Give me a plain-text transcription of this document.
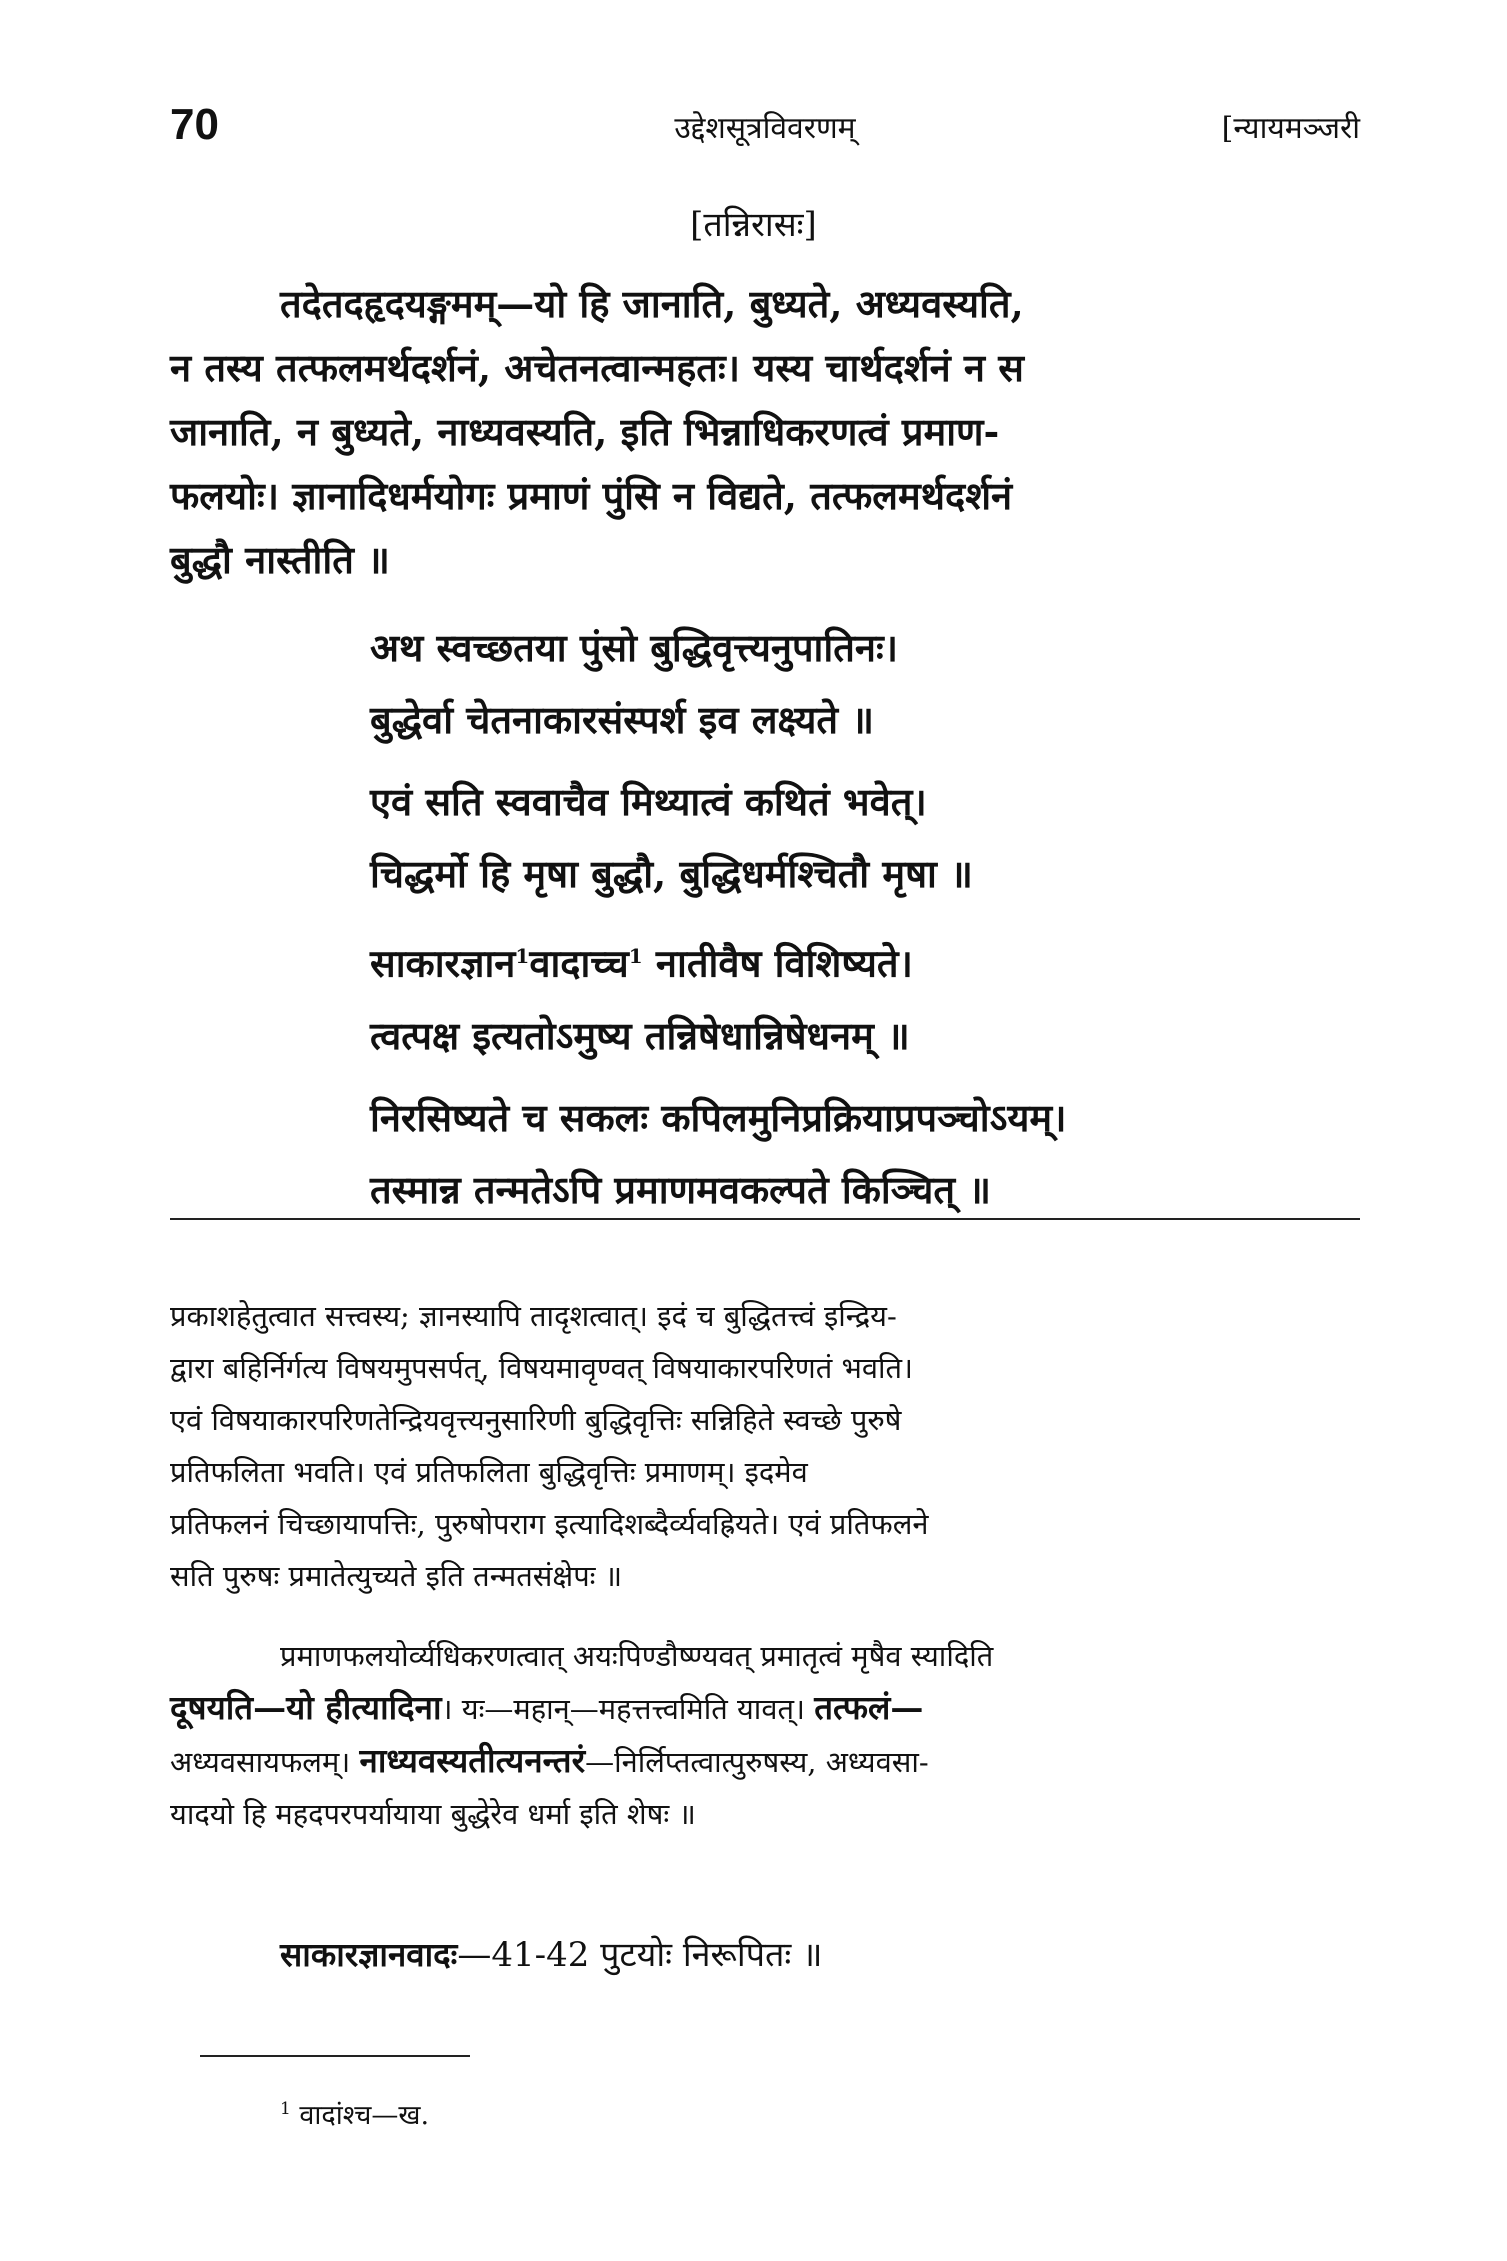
70	उद्देशसूत्रविवरणम्	[न्यायमञ्जरी
[तन्निरासः]
तदेतदहृदयङ्गमम्—यो हि जानाति, बुध्यते, अध्यवस्यति,
न तस्य तत्फलमर्थदर्शनं, अचेतनत्वान्महतः। यस्य चार्थदर्शनं न स
जानाति, न बुध्यते, नाध्यवस्यति, इति भिन्नाधिकरणत्वं प्रमाण-
फलयोः। ज्ञानादिधर्मयोगः प्रमाणं पुंसि न विद्यते, तत्फलमर्थदर्शनं
बुद्धौ नास्तीति ॥
अथ स्वच्छतया पुंसो बुद्धिवृत्त्यनुपातिनः।
बुद्धेर्वा चेतनाकारसंस्पर्श इव लक्ष्यते ॥
एवं सति स्ववाचैव मिथ्यात्वं कथितं भवेत्।
चिद्धर्मो हि मृषा बुद्धौ, बुद्धिधर्मश्चितौ मृषा ॥
साकारज्ञान$^1$वादाच्च$^1$ नातीवैष विशिष्यते।
त्वत्पक्ष इत्यतोऽमुष्य तन्निषेधान्निषेधनम् ॥
निरसिष्यते च सकलः कपिलमुनिप्रक्रियाप्रपञ्चोऽयम्।
तस्मान्न तन्मतेऽपि प्रमाणमवकल्पते किञ्चित् ॥
प्रकाशहेतुत्वात सत्त्वस्य; ज्ञानस्यापि तादृशत्वात्। इदं च बुद्धितत्त्वं इन्द्रिय-
द्वारा बहिर्निर्गत्य विषयमुपसर्पत्, विषयमावृण्वत् विषयाकारपरिणतं भवति।
एवं विषयाकारपरिणतेन्द्रियवृत्त्यनुसारिणी बुद्धिवृत्तिः सन्निहिते स्वच्छे पुरुषे
प्रतिफलिता भवति। एवं प्रतिफलिता बुद्धिवृत्तिः प्रमाणम्। इदमेव
प्रतिफलनं चिच्छायापत्तिः, पुरुषोपराग इत्यादिशब्दैर्व्यवह्रियते। एवं प्रतिफलने
सति पुरुषः प्रमातेत्युच्यते इति तन्मतसंक्षेपः ॥
प्रमाणफलयोर्व्यधिकरणत्वात् अयःपिण्डौष्ण्यवत् प्रमातृत्वं मृषैव स्यादिति
दूषयति—यो हीत्यादिना। यः—महान्—महत्तत्त्वमिति यावत्। तत्फलं—
अध्यवसायफलम्। नाध्यवस्यतीत्यनन्तरं—निर्लिप्तत्वात्पुरुषस्य, अध्यवसा-
यादयो हि महदपरपर्यायाया बुद्धेरेव धर्मा इति शेषः ॥
साकारज्ञानवादः—41-42 पुटयोः निरूपितः ॥
$^1$ वादांश्च—ख.
